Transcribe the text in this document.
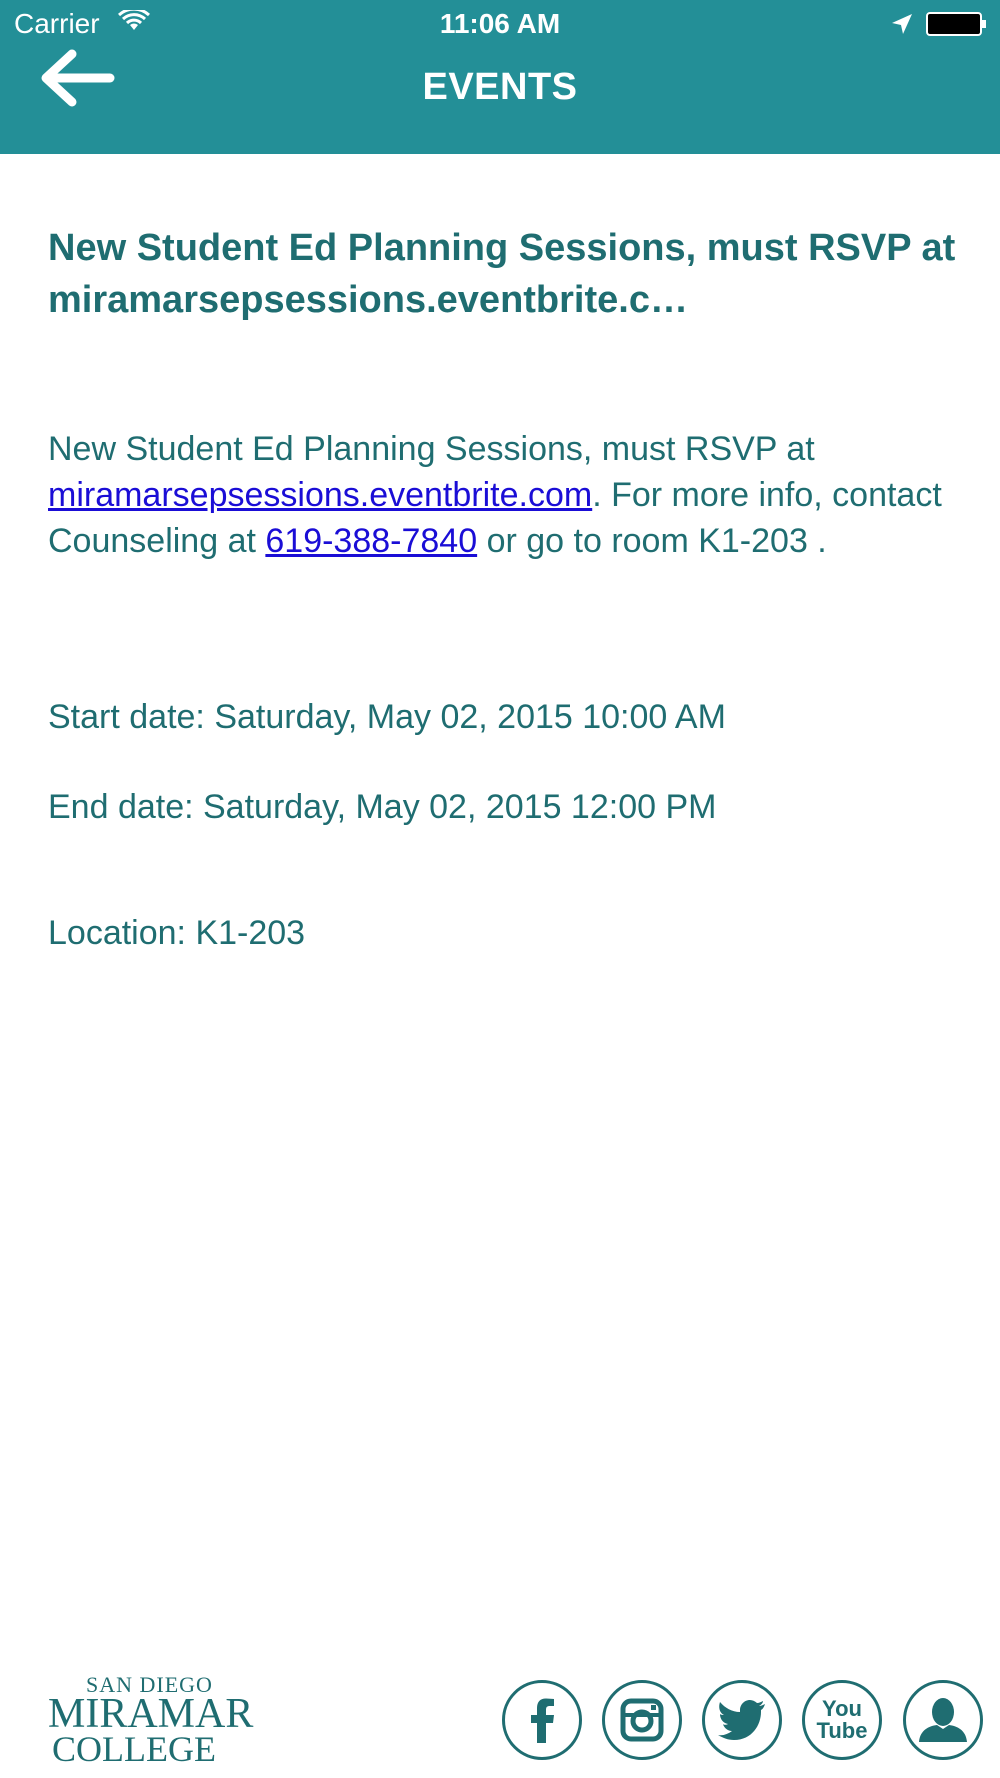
Carrier	11:06 AM
EVENTS
New Student Ed Planning Sessions, must RSVP at miramarsepsessions.eventbrite.c…
New Student Ed Planning Sessions, must RSVP at miramarsepsessions.eventbrite.com. For more info, contact Counseling at 619-388-7840 or go to room K1-203 .

Start date: Saturday, May 02, 2015 10:00 AM

End date: Saturday, May 02, 2015 12:00 PM

Location: K1-203
SAN DIEGO
MIRAMAR
COLLEGE
You
Tube
